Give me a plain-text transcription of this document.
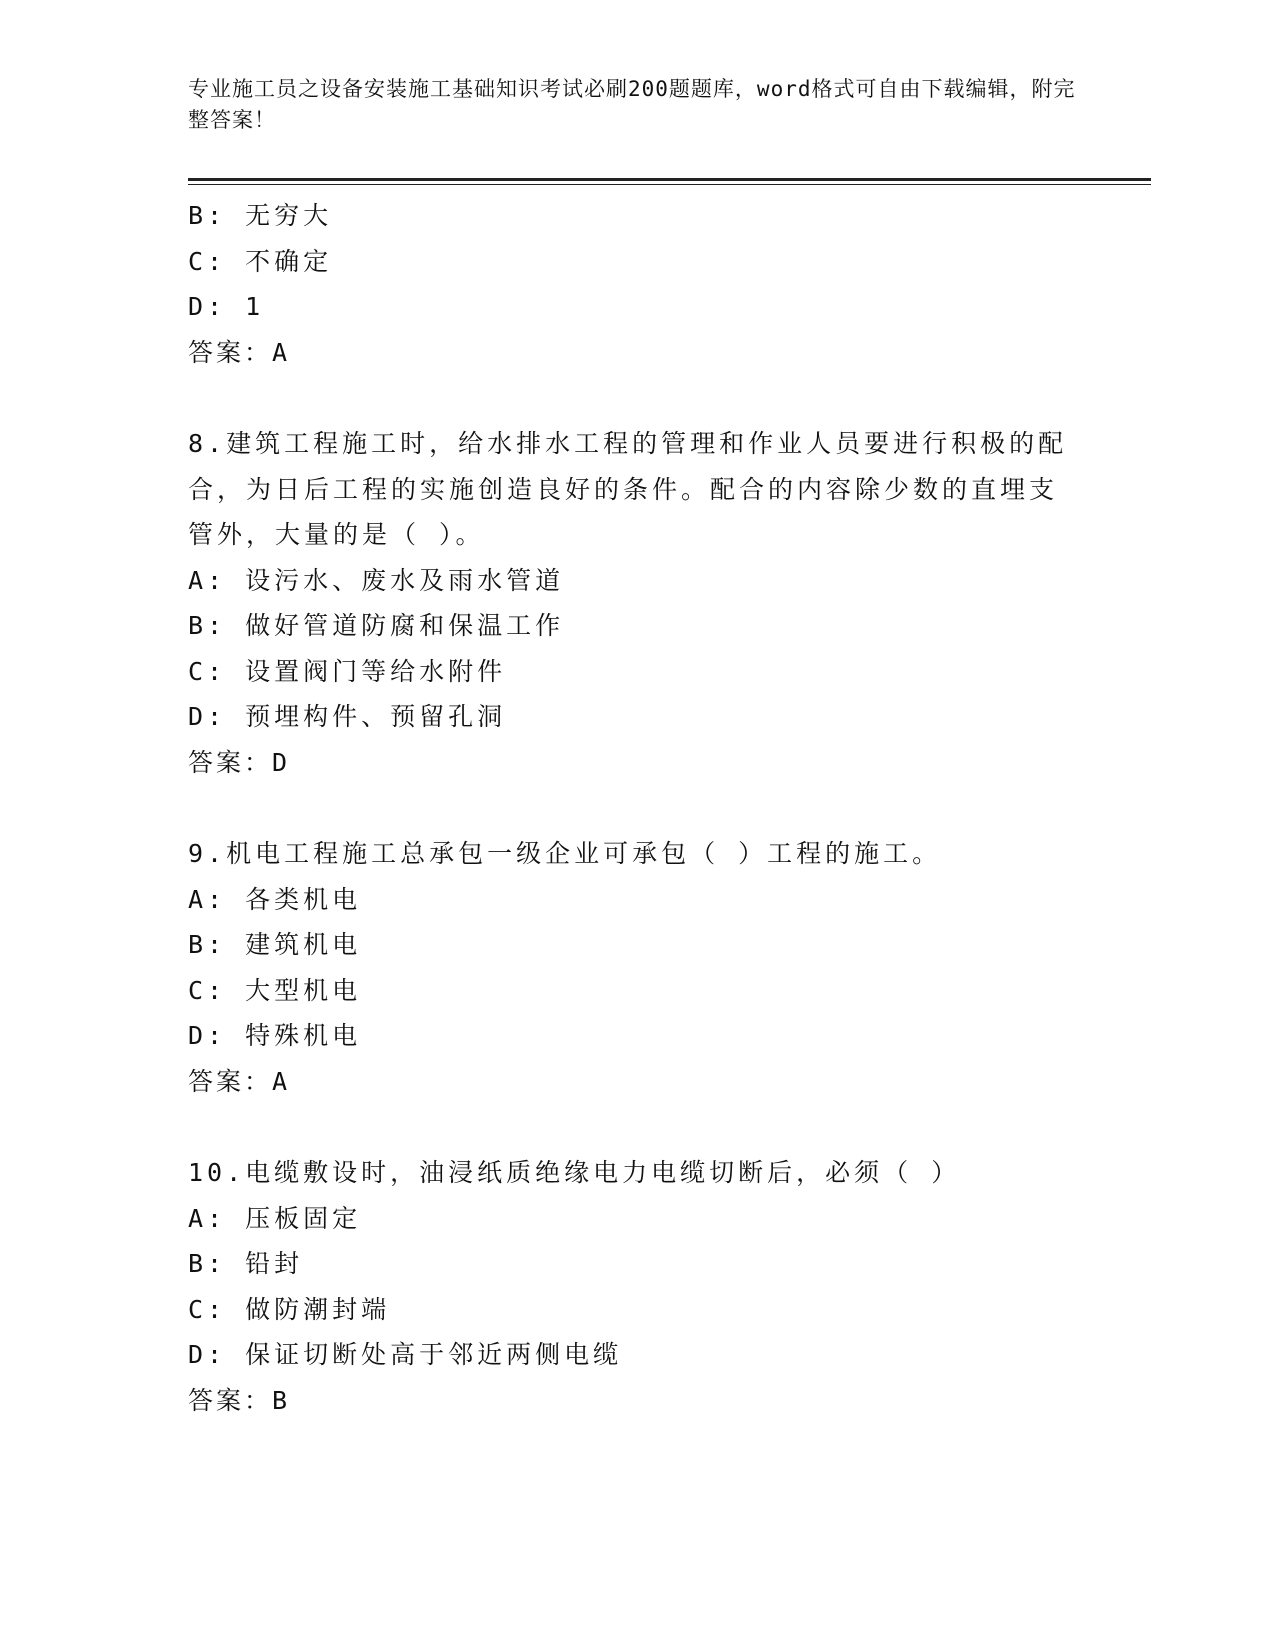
专业施工员之设备安装施工基础知识考试必刷200题题库，word格式可自由下载编辑，附完整答案！
B: 无穷大
C: 不确定
D: 1
答案：A
8.建筑工程施工时，给水排水工程的管理和作业人员要进行积极的配
合，为日后工程的实施创造良好的条件。配合的内容除少数的直埋支
管外，大量的是（ ）。
A: 设污水、废水及雨水管道
B: 做好管道防腐和保温工作
C: 设置阀门等给水附件
D: 预埋构件、预留孔洞
答案：D
9.机电工程施工总承包一级企业可承包（ ）工程的施工。
A: 各类机电
B: 建筑机电
C: 大型机电
D: 特殊机电
答案：A
10.电缆敷设时，油浸纸质绝缘电力电缆切断后，必须（ ）
A: 压板固定
B: 铅封
C: 做防潮封端
D: 保证切断处高于邻近两侧电缆
答案：B
